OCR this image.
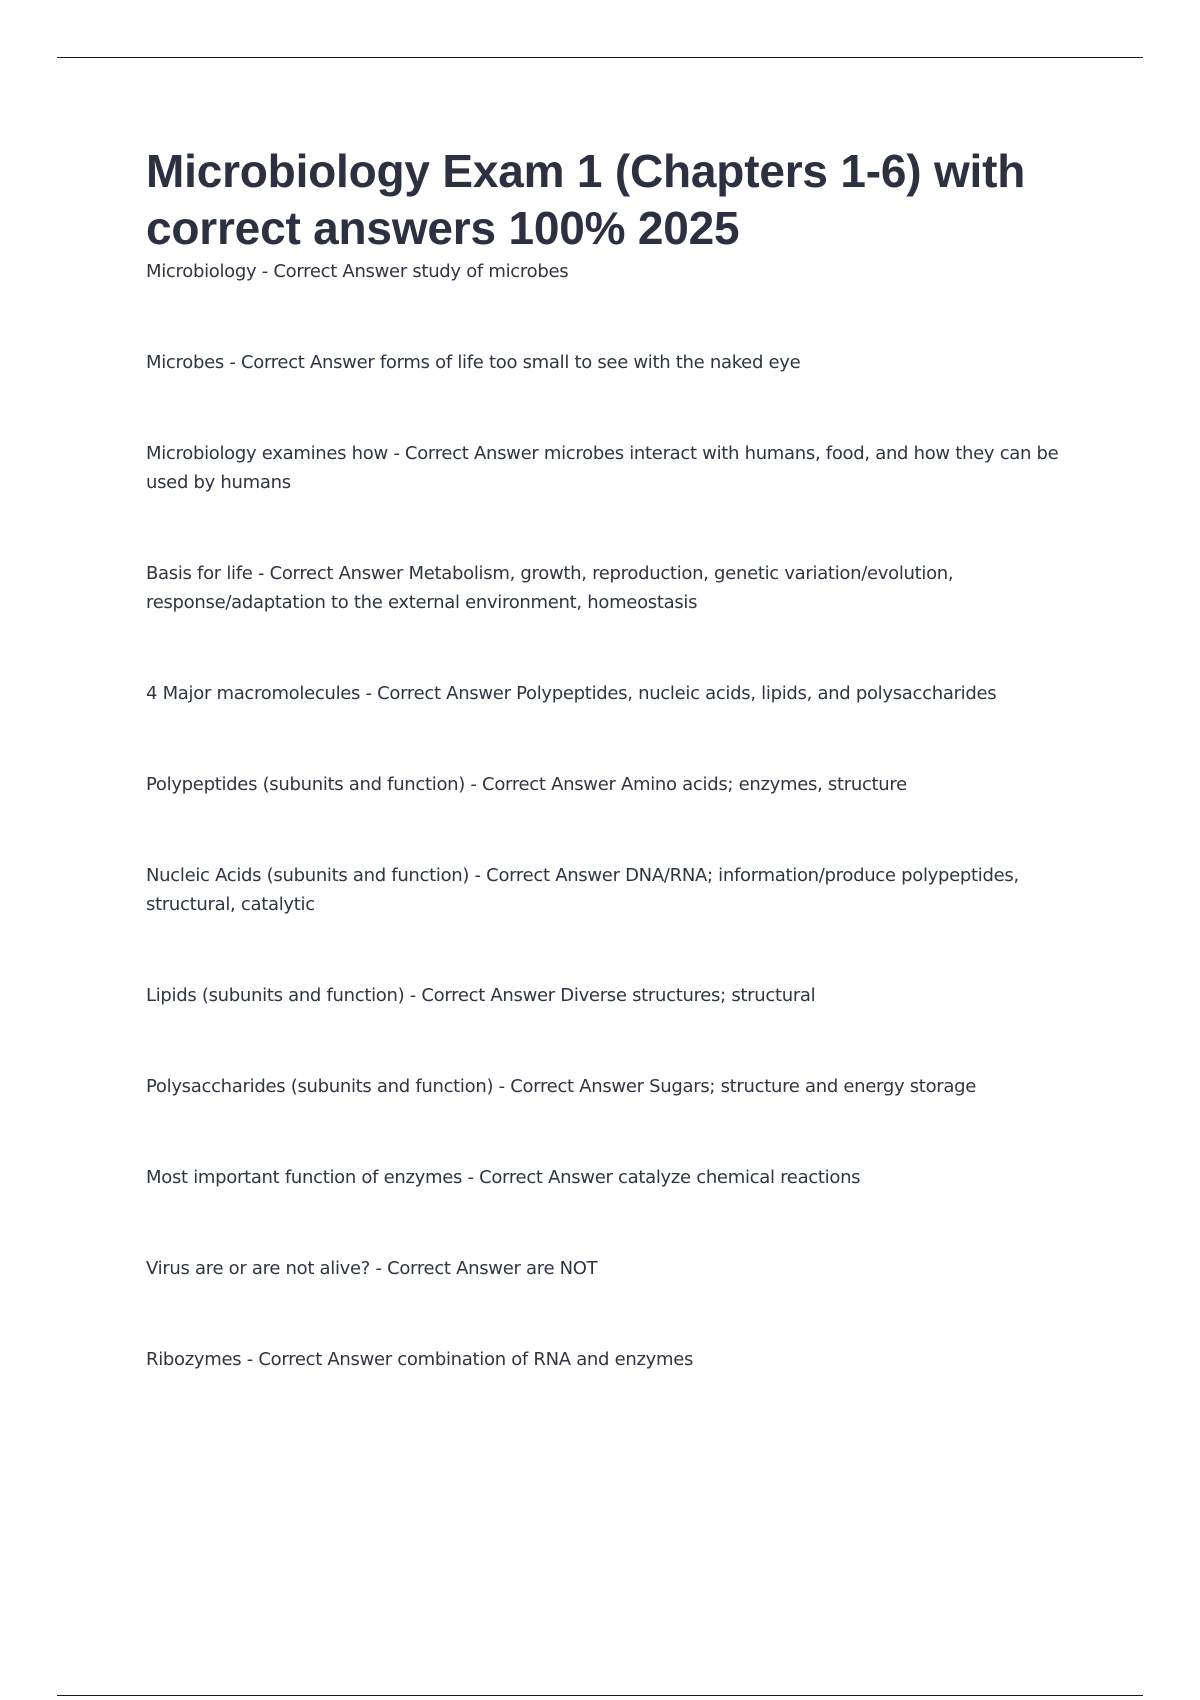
Microbiology Exam 1 (Chapters 1-6) with correct answers 100% 2025
Microbiology - Correct Answer study of microbes
Microbes - Correct Answer forms of life too small to see with the naked eye
Microbiology examines how - Correct Answer microbes interact with humans, food, and how they can be used by humans
Basis for life - Correct Answer Metabolism, growth, reproduction, genetic variation/evolution, response/adaptation to the external environment, homeostasis
4 Major macromolecules - Correct Answer Polypeptides, nucleic acids, lipids, and polysaccharides
Polypeptides (subunits and function) - Correct Answer Amino acids; enzymes, structure
Nucleic Acids (subunits and function) - Correct Answer DNA/RNA; information/produce polypeptides, structural, catalytic
Lipids (subunits and function) - Correct Answer Diverse structures; structural
Polysaccharides (subunits and function) - Correct Answer Sugars; structure and energy storage
Most important function of enzymes - Correct Answer catalyze chemical reactions
Virus are or are not alive? - Correct Answer are NOT
Ribozymes - Correct Answer combination of RNA and enzymes
